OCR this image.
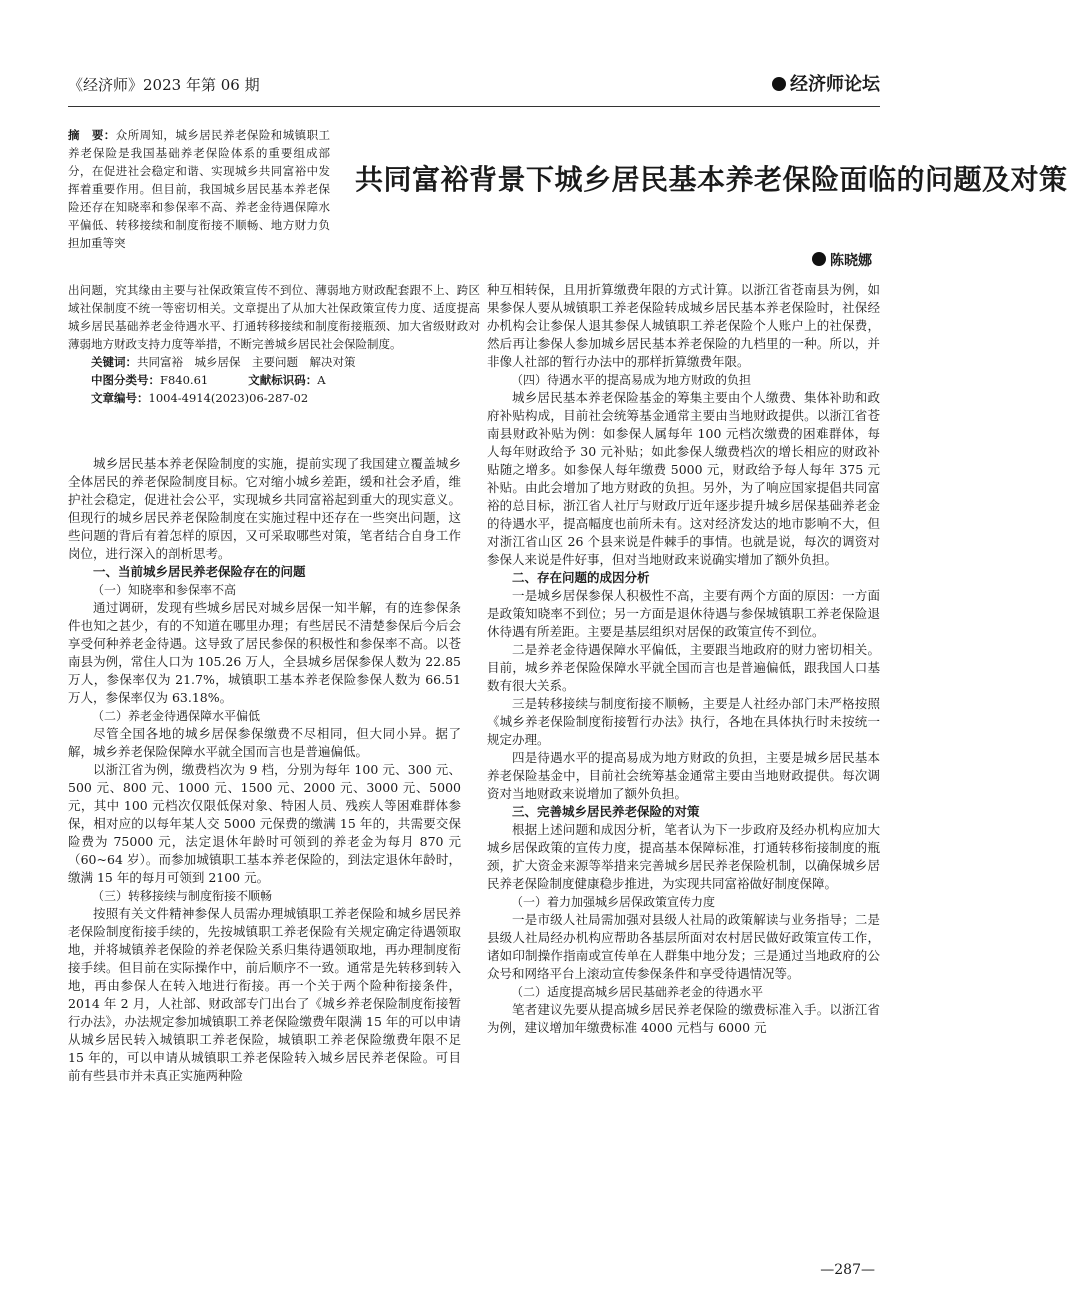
《经济师》2023 年第 06 期	经济师论坛
摘　要：众所周知，城乡居民养老保险和城镇职工养老保险是我国基础养老保险体系的重要组成部分，在促进社会稳定和谐、实现城乡共同富裕中发挥着重要作用。但目前，我国城乡居民基本养老保险还存在知晓率和参保率不高、养老金待遇保障水平偏低、转移接续和制度衔接不顺畅、地方财力负担加重等突
共同富裕背景下城乡居民基本养老保险面临的问题及对策
陈晓娜

出问题，究其缘由主要与社保政策宣传不到位、薄弱地方财政配套跟不上、跨区域社保制度不统一等密切相关。文章提出了从加大社保政策宣传力度、适度提高城乡居民基础养老金待遇水平、打通转移接续和制度衔接瓶颈、加大省级财政对薄弱地方财政支持力度等举措，不断完善城乡居民社会保险制度。

关键词：共同富裕　城乡居保　主要问题　解决对策

中图分类号：F840.61	文献标识码：A

文章编号：1004-4914(2023)06-287-02

城乡居民基本养老保险制度的实施，提前实现了我国建立覆盖城乡全体居民的养老保险制度目标。它对缩小城乡差距，缓和社会矛盾，维护社会稳定，促进社会公平，实现城乡共同富裕起到重大的现实意义。但现行的城乡居民养老保险制度在实施过程中还存在一些突出问题，这些问题的背后有着怎样的原因，又可采取哪些对策，笔者结合自身工作岗位，进行深入的剖析思考。

一、当前城乡居民养老保险存在的问题
（一）知晓率和参保率不高

通过调研，发现有些城乡居民对城乡居保一知半解，有的连参保条件也知之甚少，有的不知道在哪里办理；有些居民不清楚参保后今后会享受何种养老金待遇。这导致了居民参保的积极性和参保率不高。以苍南县为例，常住人口为 105.26 万人，全县城乡居保参保人数为 22.85 万人，参保率仅为 21.7%，城镇职工基本养老保险参保人数为 66.51 万人，参保率仅为 63.18%。

（二）养老金待遇保障水平偏低

尽管全国各地的城乡居保参保缴费不尽相同，但大同小异。据了解，城乡养老保险保障水平就全国而言也是普遍偏低。

以浙江省为例，缴费档次为 9 档，分别为每年 100 元、300 元、500 元、800 元、1000 元、1500 元、2000 元、3000 元、5000 元，其中 100 元档次仅限低保对象、特困人员、残疾人等困难群体参保，相对应的以每年某人交 5000 元保费的缴满 15 年的，共需要交保险费为 75000 元，法定退休年龄时可领到的养老金为每月 870 元（60~64 岁）。而参加城镇职工基本养老保险的，到法定退休年龄时，缴满 15 年的每月可领到 2100 元。

（三）转移接续与制度衔接不顺畅

按照有关文件精神参保人员需办理城镇职工养老保险和城乡居民养老保险制度衔接手续的，先按城镇职工养老保险有关规定确定待遇领取地，并将城镇养老保险的养老保险关系归集待遇领取地，再办理制度衔接手续。但目前在实际操作中，前后顺序不一致。通常是先转移到转入地，再由参保人在转入地进行衔接。再一个关于两个险种衔接条件，2014 年 2 月，人社部、财政部专门出台了《城乡养老保险制度衔接暂行办法》，办法规定参加城镇职工养老保险缴费年限满 15 年的可以申请从城乡居民转入城镇职工养老保险，城镇职工养老保险缴费年限不足 15 年的，可以申请从城镇职工养老保险转入城乡居民养老保险。可目前有些县市并未真正实施两种险

种互相转保，且用折算缴费年限的方式计算。以浙江省苍南县为例，如果参保人要从城镇职工养老保险转成城乡居民基本养老保险时，社保经办机构会让参保人退其参保人城镇职工养老保险个人账户上的社保费，然后再让参保人参加城乡居民基本养老保险的九档里的一种。所以，并非像人社部的暂行办法中的那样折算缴费年限。

（四）待遇水平的提高易成为地方财政的负担

城乡居民基本养老保险基金的筹集主要由个人缴费、集体补助和政府补贴构成，目前社会统筹基金通常主要由当地财政提供。以浙江省苍南县财政补贴为例：如参保人属每年 100 元档次缴费的困难群体，每人每年财政给予 30 元补贴；如此参保人缴费档次的增长相应的财政补贴随之增多。如参保人每年缴费 5000 元，财政给予每人每年 375 元补贴。由此会增加了地方财政的负担。另外，为了响应国家提倡共同富裕的总目标，浙江省人社厅与财政厅近年逐步提升城乡居保基础养老金的待遇水平，提高幅度也前所未有。这对经济发达的地市影响不大，但对浙江省山区 26 个县来说是件棘手的事情。也就是说，每次的调资对参保人来说是件好事，但对当地财政来说确实增加了额外负担。

二、存在问题的成因分析

一是城乡居保参保人积极性不高，主要有两个方面的原因：一方面是政策知晓率不到位；另一方面是退休待遇与参保城镇职工养老保险退休待遇有所差距。主要是基层组织对居保的政策宣传不到位。

二是养老金待遇保障水平偏低，主要跟当地政府的财力密切相关。目前，城乡养老保险保障水平就全国而言也是普遍偏低，跟我国人口基数有很大关系。

三是转移接续与制度衔接不顺畅，主要是人社经办部门未严格按照《城乡养老保险制度衔接暂行办法》执行，各地在具体执行时未按统一规定办理。

四是待遇水平的提高易成为地方财政的负担，主要是城乡居民基本养老保险基金中，目前社会统筹基金通常主要由当地财政提供。每次调资对当地财政来说增加了额外负担。

三、完善城乡居民养老保险的对策

根据上述问题和成因分析，笔者认为下一步政府及经办机构应加大城乡居保政策的宣传力度，提高基本保障标准，打通转移衔接制度的瓶颈，扩大资金来源等举措来完善城乡居民养老保险机制，以确保城乡居民养老保险制度健康稳步推进，为实现共同富裕做好制度保障。

（一）着力加强城乡居保政策宣传力度

一是市级人社局需加强对县级人社局的政策解读与业务指导；二是县级人社局经办机构应帮助各基层所面对农村居民做好政策宣传工作，诸如印制操作指南或宣传单在人群集中地分发；三是通过当地政府的公众号和网络平台上滚动宣传参保条件和享受待遇情况等。

（二）适度提高城乡居民基础养老金的待遇水平

笔者建议先要从提高城乡居民养老保险的缴费标准入手。以浙江省为例，建议增加年缴费标准 4000 元档与 6000 元

—287—
